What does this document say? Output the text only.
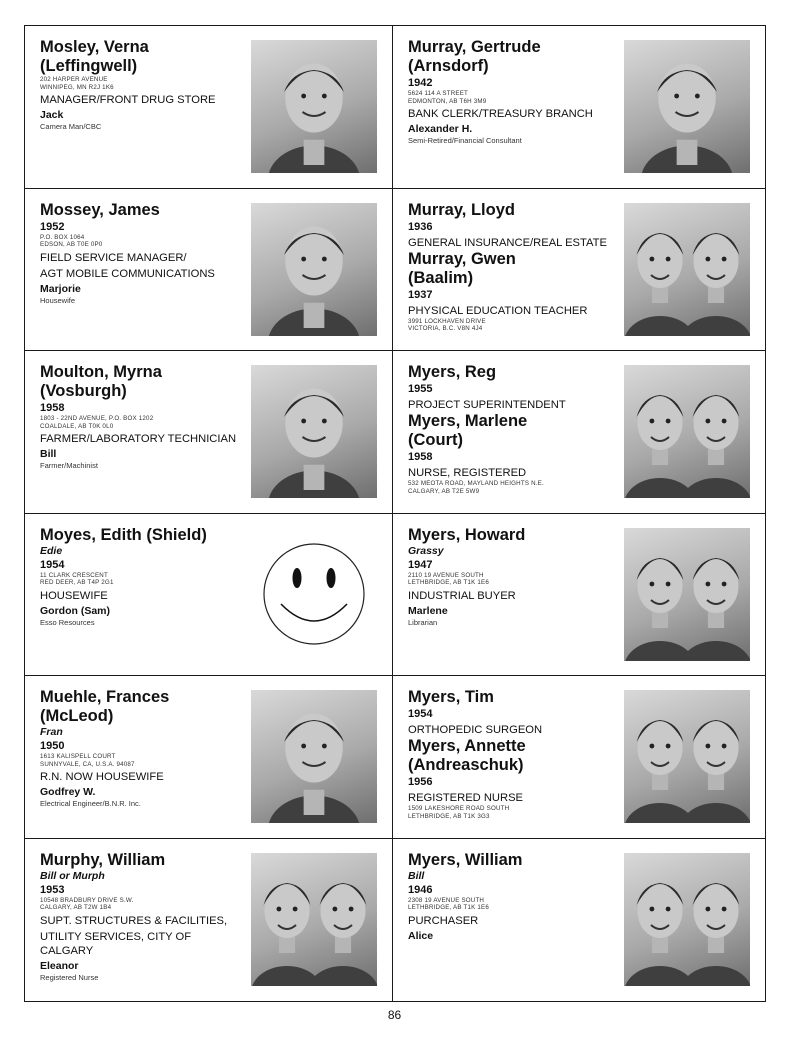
Mosley, Verna
(Leffingwell)
202 HARPER AVENUE
WINNIPEG, MN R2J 1K6
MANAGER/FRONT DRUG STORE
Jack
Camera Man/CBC
Murray, Gertrude
(Arnsdorf)
1942
5624 114 A STREET
EDMONTON, AB T6H 3M9
BANK CLERK/TREASURY BRANCH
Alexander H.
Semi-Retired/Financial Consultant
Mossey, James
1952
P.O. BOX 1064
EDSON, AB T0E 0P0
FIELD SERVICE MANAGER/
AGT MOBILE COMMUNICATIONS
Marjorie
Housewife
Murray, Lloyd
1936
GENERAL INSURANCE/REAL ESTATE
Murray, Gwen
(Baalim)
1937
PHYSICAL EDUCATION TEACHER
3991 LOCKHAVEN DRIVE
VICTORIA, B.C. V8N 4J4
Moulton, Myrna
(Vosburgh)
1958
1803 - 22ND AVENUE, P.O. BOX 1202
COALDALE, AB T0K 0L0
FARMER/LABORATORY TECHNICIAN
Bill
Farmer/Machinist
Myers, Reg
1955
PROJECT SUPERINTENDENT
Myers, Marlene
(Court)
1958
NURSE, REGISTERED
532 MEOTA ROAD, MAYLAND HEIGHTS N.E.
CALGARY, AB T2E 5W9
Moyes, Edith (Shield)
Edie
1954
11 CLARK CRESCENT
RED DEER, AB T4P 2G1
HOUSEWIFE
Gordon (Sam)
Esso Resources
Myers, Howard
Grassy
1947
2110 19 AVENUE SOUTH
LETHBRIDGE, AB T1K 1E6
INDUSTRIAL BUYER
Marlene
Librarian
Muehle, Frances
(McLeod)
Fran
1950
1613 KALISPELL COURT
SUNNYVALE, CA, U.S.A. 94087
R.N. NOW HOUSEWIFE
Godfrey W.
Electrical Engineer/B.N.R. Inc.
Myers, Tim
1954
ORTHOPEDIC SURGEON
Myers, Annette
(Andreaschuk)
1956
REGISTERED NURSE
1509 LAKESHORE ROAD SOUTH
LETHBRIDGE, AB T1K 3G3
Murphy, William
Bill or Murph
1953
10548 BRADBURY DRIVE S.W.
CALGARY, AB T2W 1B4
SUPT. STRUCTURES & FACILITIES,
UTILITY SERVICES, CITY OF CALGARY
Eleanor
Registered Nurse
Myers, William
Bill
1946
2308 19 AVENUE SOUTH
LETHBRIDGE, AB T1K 1E6
PURCHASER
Alice
86
